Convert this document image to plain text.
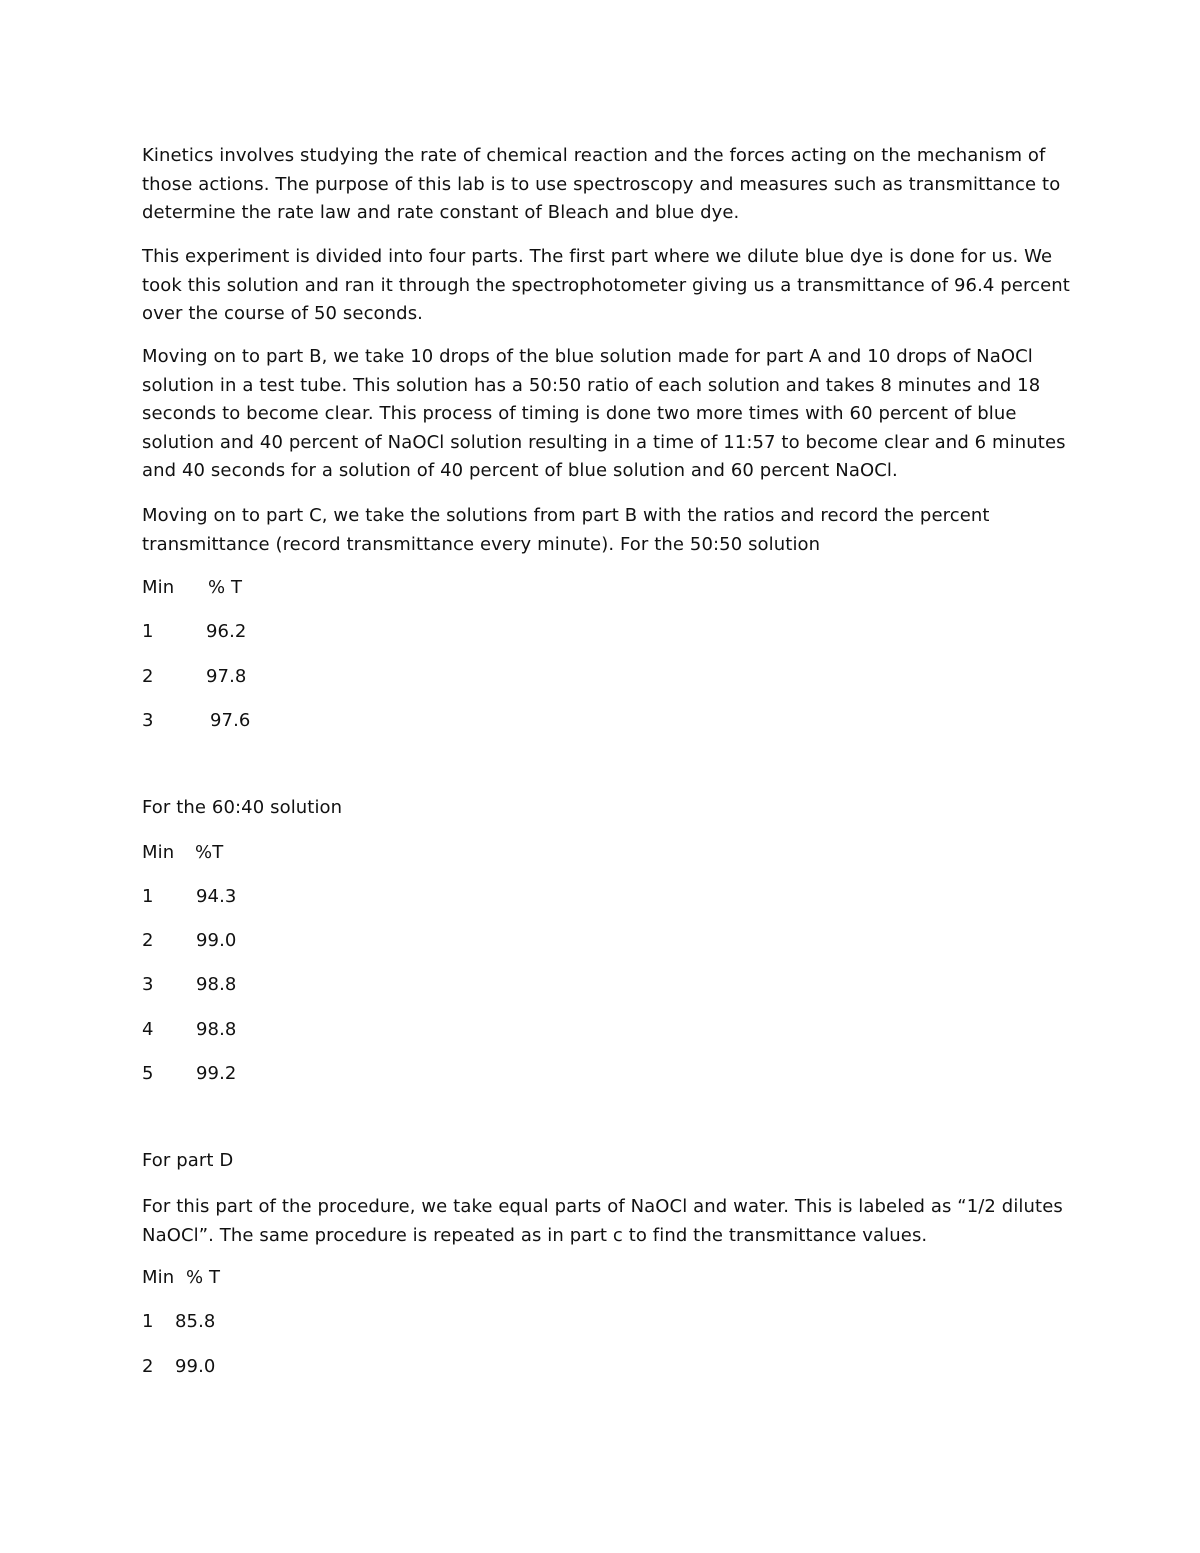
Kinetics involves studying the rate of chemical reaction and the forces acting on the mechanism of those actions. The purpose of this lab is to use spectroscopy and measures such as transmittance to determine the rate law and rate constant of Bleach and blue dye.

This experiment is divided into four parts. The first part where we dilute blue dye is done for us. We took this solution and ran it through the spectrophotometer giving us a transmittance of 96.4 percent over the course of 50 seconds.

Moving on to part B, we take 10 drops of the blue solution made for part A and 10 drops of NaOCl solution in a test tube. This solution has a 50:50 ratio of each solution and takes 8 minutes and 18 seconds to become clear. This process of timing is done two more times with 60 percent of blue solution and 40 percent of NaOCl solution resulting in a time of 11:57 to become clear and 6 minutes and 40 seconds for a solution of 40 percent of blue solution and 60 percent NaOCl.

Moving on to part C, we take the solutions from part B with the ratios and record the percent transmittance (record transmittance every minute). For the 50:50 solution

Min % T
1	96.2
2	97.8
3	97.6
For the 60:40 solution
Min %T
1 94.3
2 99.0
3 98.8
4 98.8
5 99.2
For part D

For this part of the procedure, we take equal parts of NaOCl and water. This is labeled as “1/2 dilutes NaOCl”. The same procedure is repeated as in part c to find the transmittance values.

Min % T
1 85.8
2 99.0
